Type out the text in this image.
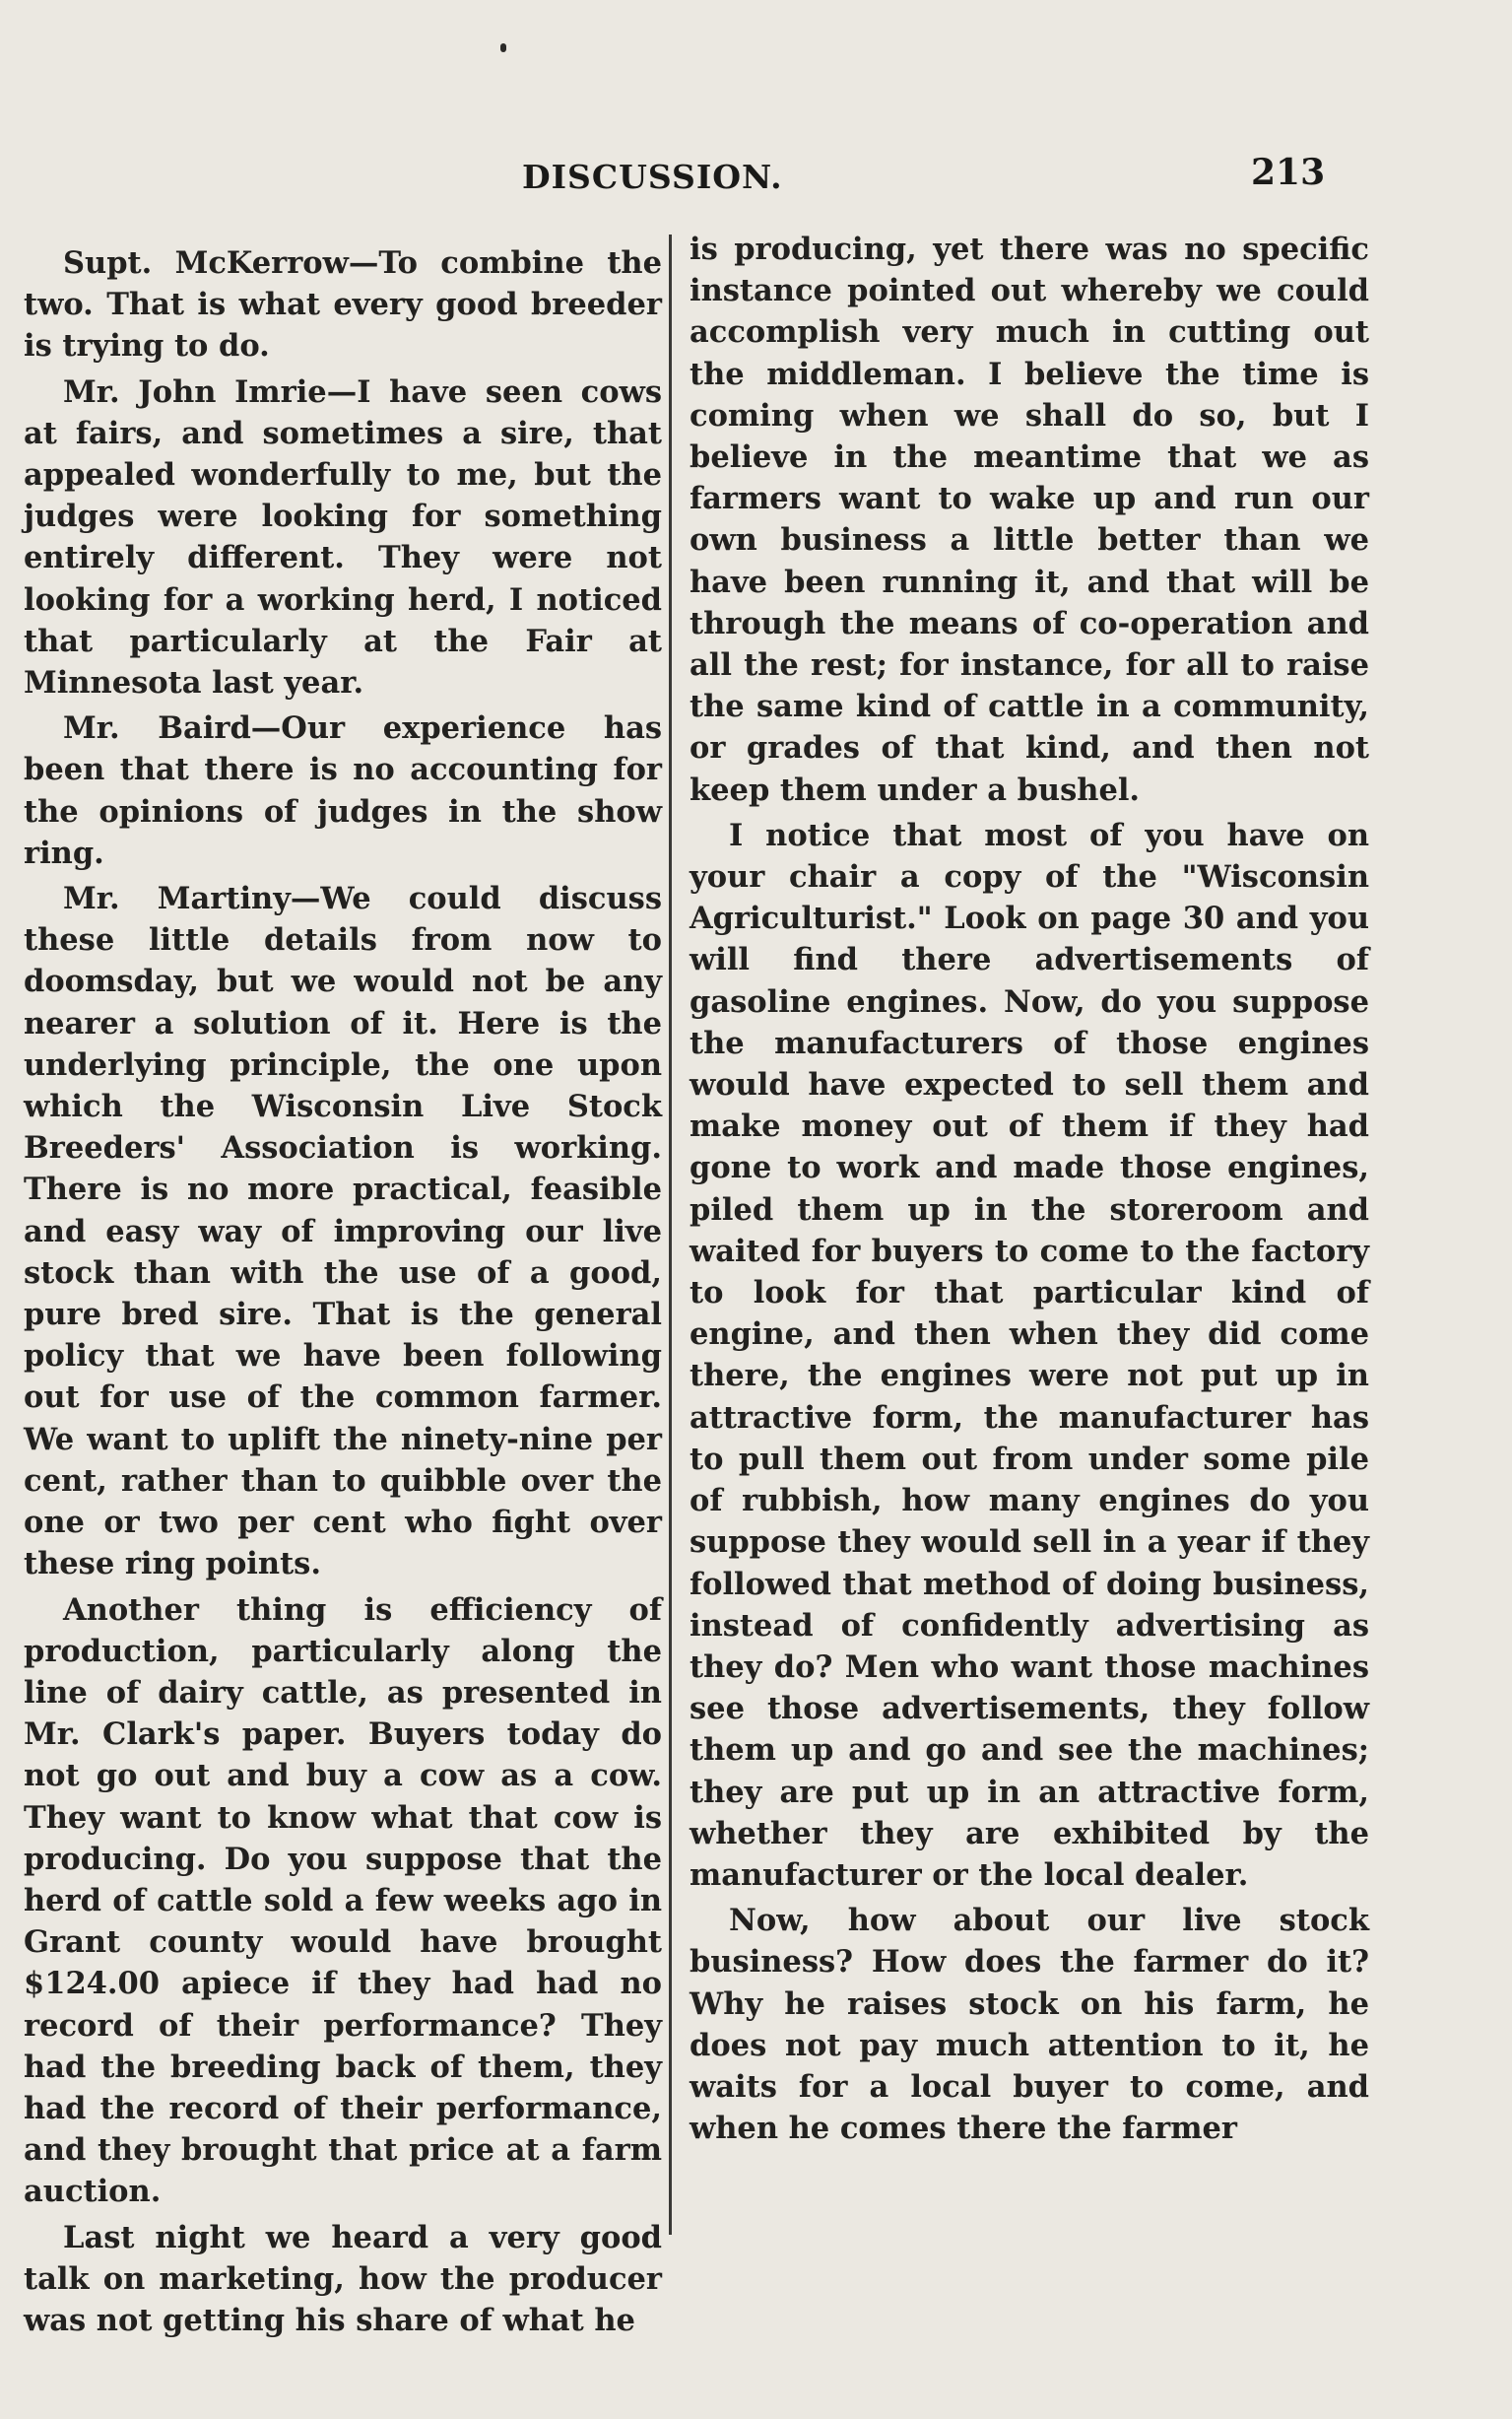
DISCUSSION.	213

Supt. McKerrow—To combine the two. That is what every good breeder is trying to do.

Mr. John Imrie—I have seen cows at fairs, and sometimes a sire, that appealed wonderfully to me, but the judges were looking for something entirely different. They were not looking for a working herd, I noticed that particularly at the Fair at Minnesota last year.

Mr. Baird—Our experience has been that there is no accounting for the opinions of judges in the show ring.

Mr. Martiny—We could discuss these little details from now to doomsday, but we would not be any nearer a solution of it. Here is the underlying principle, the one upon which the Wisconsin Live Stock Breeders' Association is working. There is no more practical, feasible and easy way of improving our live stock than with the use of a good, pure bred sire. That is the general policy that we have been following out for use of the common farmer. We want to uplift the ninety-nine per cent, rather than to quibble over the one or two per cent who fight over these ring points.

Another thing is efficiency of production, particularly along the line of dairy cattle, as presented in Mr. Clark's paper. Buyers today do not go out and buy a cow as a cow. They want to know what that cow is producing. Do you suppose that the herd of cattle sold a few weeks ago in Grant county would have brought $124.00 apiece if they had had no record of their performance? They had the breeding back of them, they had the record of their performance, and they brought that price at a farm auction.

Last night we heard a very good talk on marketing, how the producer was not getting his share of what he

is producing, yet there was no specific instance pointed out whereby we could accomplish very much in cutting out the middleman. I believe the time is coming when we shall do so, but I believe in the meantime that we as farmers want to wake up and run our own business a little better than we have been running it, and that will be through the means of co-operation and all the rest; for instance, for all to raise the same kind of cattle in a community, or grades of that kind, and then not keep them under a bushel.

I notice that most of you have on your chair a copy of the "Wisconsin Agriculturist." Look on page 30 and you will find there advertisements of gasoline engines. Now, do you suppose the manufacturers of those engines would have expected to sell them and make money out of them if they had gone to work and made those engines, piled them up in the storeroom and waited for buyers to come to the factory to look for that particular kind of engine, and then when they did come there, the engines were not put up in attractive form, the manufacturer has to pull them out from under some pile of rubbish, how many engines do you suppose they would sell in a year if they followed that method of doing business, instead of confidently advertising as they do? Men who want those machines see those advertisements, they follow them up and go and see the machines; they are put up in an attractive form, whether they are exhibited by the manufacturer or the local dealer.

Now, how about our live stock business? How does the farmer do it? Why he raises stock on his farm, he does not pay much attention to it, he waits for a local buyer to come, and when he comes there the farmer
